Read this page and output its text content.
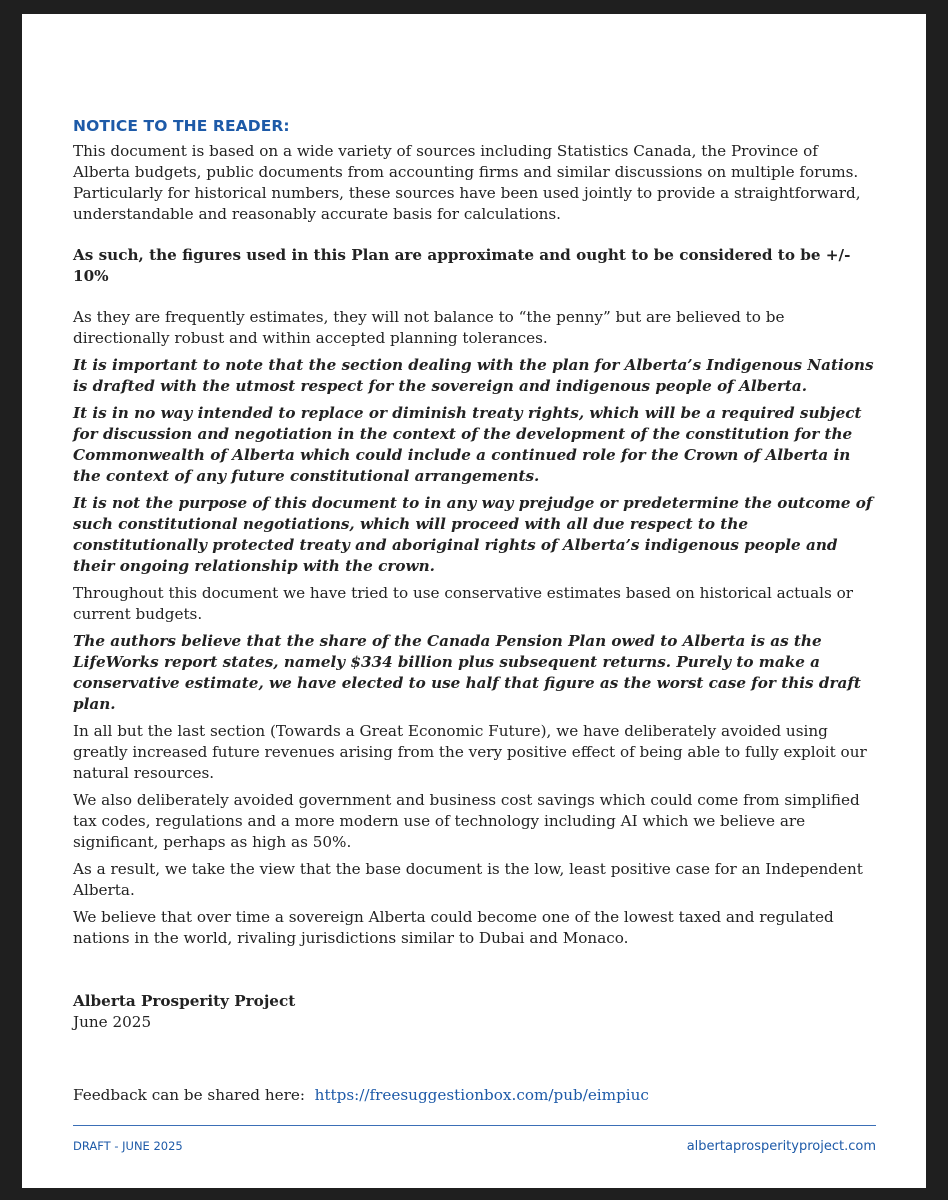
NOTICE TO THE READER:

This document is based on a wide variety of sources including Statistics Canada, the Province of Alberta budgets, public documents from accounting firms and similar discussions on multiple forums. Particularly for historical numbers, these sources have been used jointly to provide a straightforward, understandable and reasonably accurate basis for calculations.

As such, the figures used in this Plan are approximate and ought to be considered to be +/- 10%

As they are frequently estimates, they will not balance to “the penny” but are believed to be directionally robust and within accepted planning tolerances.

It is important to note that the section dealing with the plan for Alberta’s Indigenous Nations is drafted with the utmost respect for the sovereign and indigenous people of Alberta.

It is in no way intended to replace or diminish treaty rights, which will be a required subject for discussion and negotiation in the context of the development of the constitution for the Commonwealth of Alberta which could include a continued role for the Crown of Alberta in the context of any future constitutional arrangements.

It is not the purpose of this document to in any way prejudge or predetermine the outcome of such constitutional negotiations, which will proceed with all due respect to the constitutionally protected treaty and aboriginal rights of Alberta’s indigenous people and their ongoing relationship with the crown.

Throughout this document we have tried to use conservative estimates based on historical actuals or current budgets.

The authors believe that the share of the Canada Pension Plan owed to Alberta is as the LifeWorks report states, namely $334 billion plus subsequent returns. Purely to make a conservative estimate, we have elected to use half that figure as the worst case for this draft plan.

In all but the last section (Towards a Great Economic Future), we have deliberately avoided using greatly increased future revenues arising from the very positive effect of being able to fully exploit our natural resources.

We also deliberately avoided government and business cost savings which could come from simplified tax codes, regulations and a more modern use of technology including AI which we believe are significant, perhaps as high as 50%.

As a result, we take the view that the base document is the low, least positive case for an Independent Alberta.

We believe that over time a sovereign Alberta could become one of the lowest taxed and regulated nations in the world, rivaling jurisdictions similar to Dubai and Monaco.

Alberta Prosperity Project

June 2025

Feedback can be shared here: https://freesuggestionbox.com/pub/eimpiuc

DRAFT - JUNE 2025	albertaprosperityproject.com
